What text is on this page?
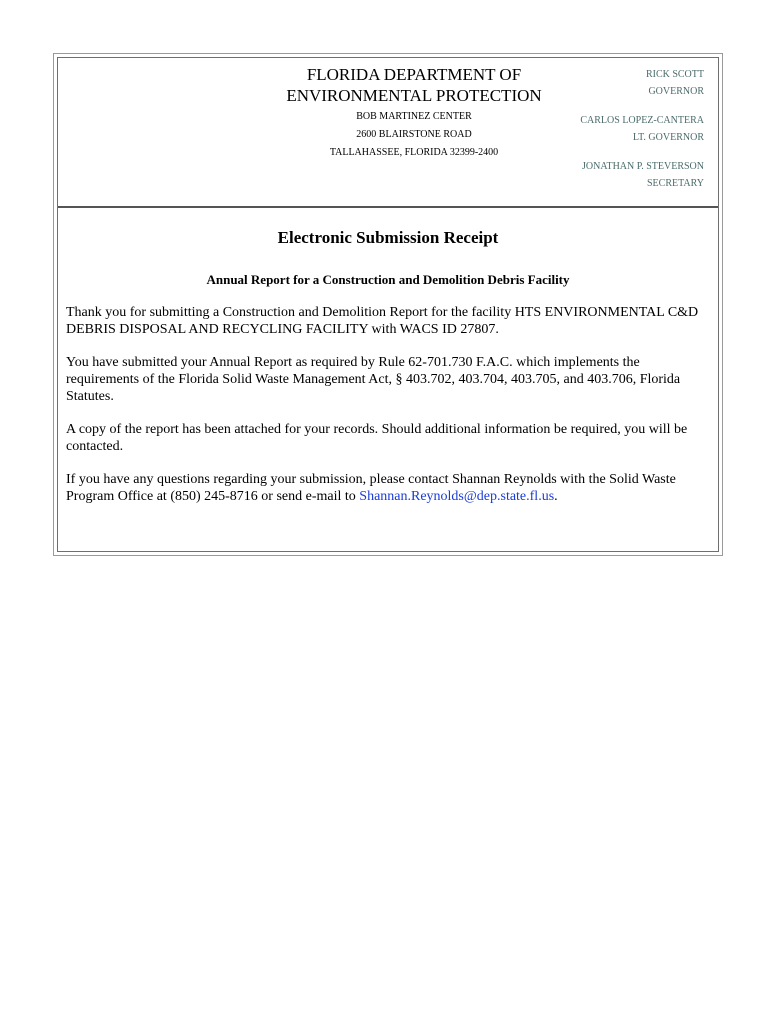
FLORIDA DEPARTMENT OF
ENVIRONMENTAL PROTECTION
BOB MARTINEZ CENTER
2600 BLAIRSTONE ROAD
TALLAHASSEE, FLORIDA 32399-2400
RICK SCOTT
GOVERNOR
CARLOS LOPEZ-CANTERA
LT. GOVERNOR
JONATHAN P. STEVERSON
SECRETARY
Electronic Submission Receipt
Annual Report for a Construction and Demolition Debris Facility

Thank you for submitting a Construction and Demolition Report for the facility HTS ENVIRONMENTAL C&D DEBRIS DISPOSAL AND RECYCLING FACILITY with WACS ID 27807.

You have submitted your Annual Report as required by Rule 62-701.730 F.A.C. which implements the requirements of the Florida Solid Waste Management Act, § 403.702, 403.704, 403.705, and 403.706, Florida Statutes.

A copy of the report has been attached for your records. Should additional information be required, you will be contacted.

If you have any questions regarding your submission, please contact Shannan Reynolds with the Solid Waste Program Office at (850) 245-8716 or send e-mail to Shannan.Reynolds@dep.state.fl.us.
